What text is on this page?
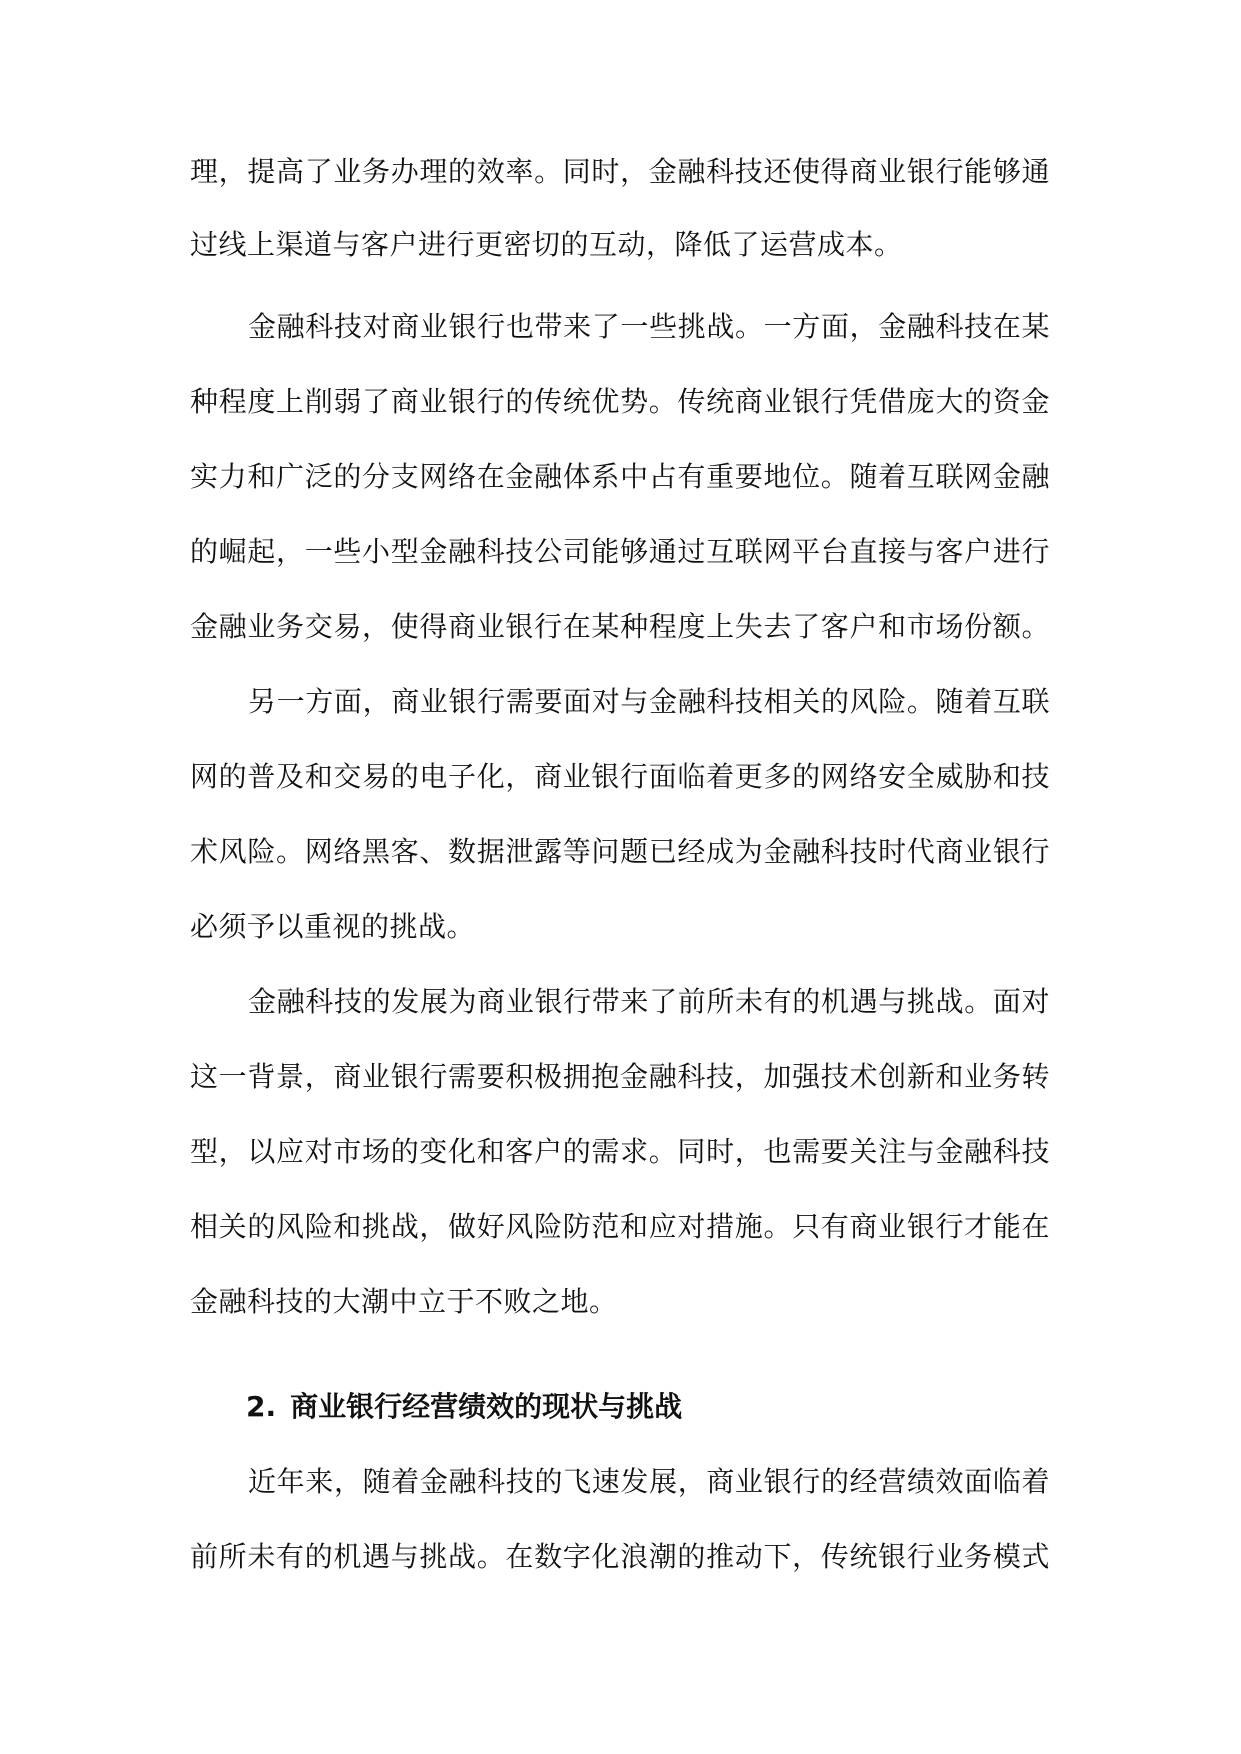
理，提高了业务办理的效率。同时，金融科技还使得商业银行能够通
过线上渠道与客户进行更密切的互动，降低了运营成本。
金融科技对商业银行也带来了一些挑战。一方面，金融科技在某
种程度上削弱了商业银行的传统优势。传统商业银行凭借庞大的资金
实力和广泛的分支网络在金融体系中占有重要地位。随着互联网金融
的崛起，一些小型金融科技公司能够通过互联网平台直接与客户进行
金融业务交易，使得商业银行在某种程度上失去了客户和市场份额。
另一方面，商业银行需要面对与金融科技相关的风险。随着互联
网的普及和交易的电子化，商业银行面临着更多的网络安全威胁和技
术风险。网络黑客、数据泄露等问题已经成为金融科技时代商业银行
必须予以重视的挑战。
金融科技的发展为商业银行带来了前所未有的机遇与挑战。面对
这一背景，商业银行需要积极拥抱金融科技，加强技术创新和业务转
型，以应对市场的变化和客户的需求。同时，也需要关注与金融科技
相关的风险和挑战，做好风险防范和应对措施。只有商业银行才能在
金融科技的大潮中立于不败之地。
2. 商业银行经营绩效的现状与挑战
近年来，随着金融科技的飞速发展，商业银行的经营绩效面临着
前所未有的机遇与挑战。在数字化浪潮的推动下，传统银行业务模式
